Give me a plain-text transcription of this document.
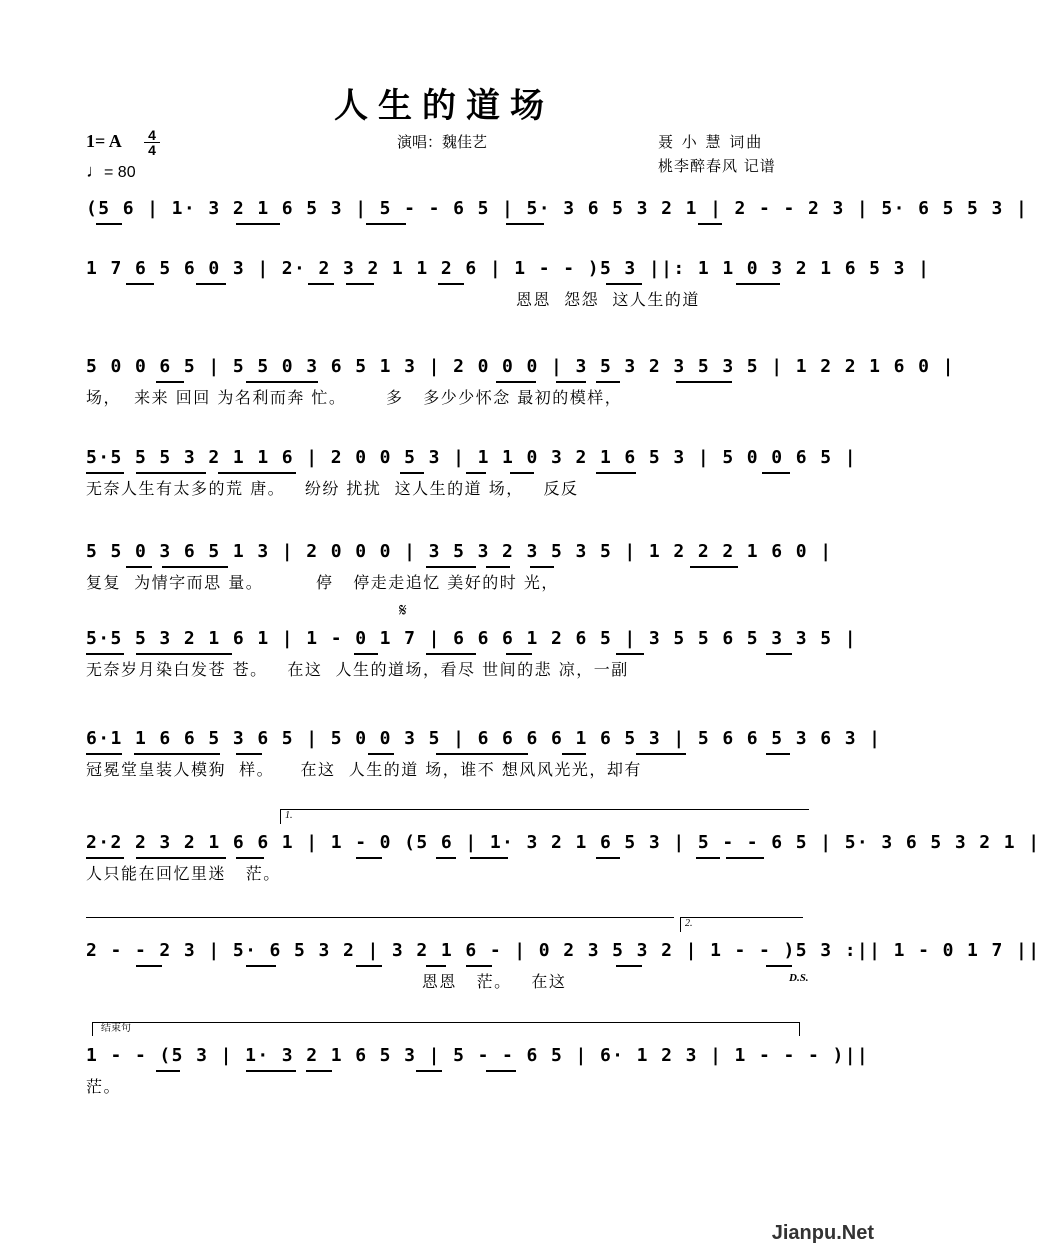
人生的道场
1= A	4
4
♩= 80
演唱：魏佳艺	聂 小 慧 词曲
桃李醉春风 记谱
(5 6 | 1· 3 2 1 6 5 3 | 5 - - 6 5 | 5· 3 6 5 3 2 1 | 2 - - 2 3 | 5· 6 5 5 3 |
1 7 6 5 6 0 3 | 2· 2 3 2 1 1 2 6 | 1 - - )5 3 ||: 1 1 0 3 2 1 6 5 3 |
恩恩  怨怨  这人生的道
5 0 0 6 5 | 5 5 0 3 6 5 1 3 | 2 0 0 0 | 3 5 3 2 3 5 3 5 | 1 2 2 1 6 0 |
场，  来来 回回 为名利而奔 忙。      多   多少少怀念 最初的模样，
5·5 5 5 3 2 1 1 6 | 2 0 0 5 3 | 1 1 0 3 2 1 6 5 3 | 5 0 0 6 5 |
无奈人生有太多的荒 唐。   纷纷 扰扰  这人生的道 场，   反反
5 5 0 3 6 5 1 3 | 2 0 0 0 | 3 5 3 2 3 5 3 5 | 1 2 2 2 1 6 0 |
复复  为情字而思 量。        停   停走走追忆 美好的时 光，
𝄋
5·5 5 3 2 1 6 1 | 1 - 0 1 7 | 6 6 6 1 2 6 5 | 3 5 5 6 5 3 3 5 |
无奈岁月染白发苍 苍。   在这  人生的道场，看尽 世间的悲 凉，一副
6·1 1 6 6 5 3 6 5 | 5 0 0 3 5 | 6 6 6 6 1 6 5 3 | 5 6 6 5 3 6 3 |
冠冕堂皇装人模狗  样。    在这  人生的道 场，谁不 想风风光光，却有
1.
2·2 2 3 2 1 6 6 1 | 1 - 0 (5 6 | 1· 3 2 1 6 5 3 | 5 - - 6 5 | 5· 3 6 5 3 2 1 |
人只能在回忆里迷   茫。
2.
2 - - 2 3 | 5· 6 5 3 2 | 3 2 1 6 - | 0 2 3 5 3 2 | 1 - - )5 3 :|| 1 - 0 1 7 ||
恩恩   茫。   在这	D.S.
结束句
1 - - (5 3 | 1· 3 2 1 6 5 3 | 5 - - 6 5 | 6· 1 2 3 | 1 - - - )||
茫。
Jianpu.Net
